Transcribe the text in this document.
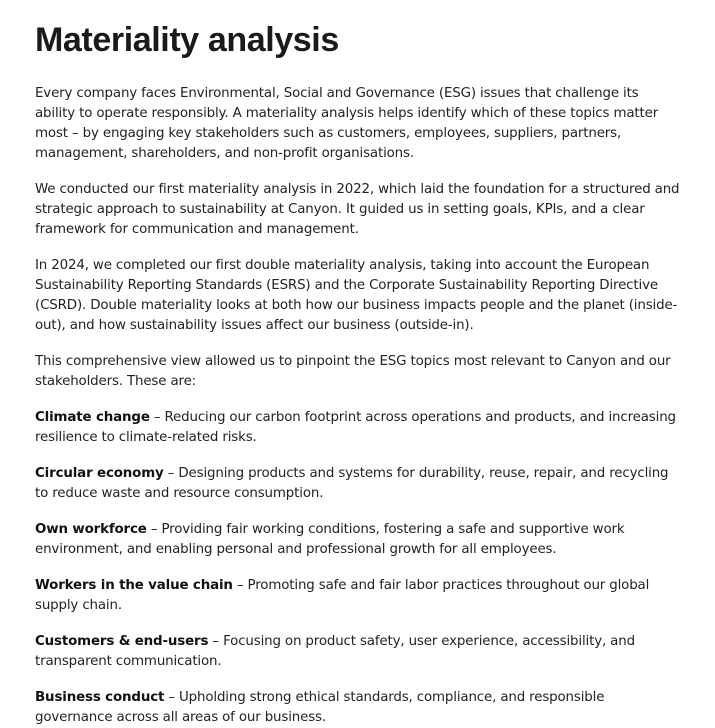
Materiality analysis

Every company faces Environmental, Social and Governance (ESG) issues that challenge its ability to operate responsibly. A materiality analysis helps identify which of these topics matter most – by engaging key stakeholders such as customers, employees, suppliers, partners, management, shareholders, and non-profit organisations.

We conducted our first materiality analysis in 2022, which laid the foundation for a structured and strategic approach to sustainability at Canyon. It guided us in setting goals, KPIs, and a clear framework for communication and management.

In 2024, we completed our first double materiality analysis, taking into account the European Sustainability Reporting Standards (ESRS) and the Corporate Sustainability Reporting Directive (CSRD). Double materiality looks at both how our business impacts people and the planet (inside-out), and how sustainability issues affect our business (outside-in).

This comprehensive view allowed us to pinpoint the ESG topics most relevant to Canyon and our stakeholders. These are:

Climate change – Reducing our carbon footprint across operations and products, and increasing resilience to climate-related risks.

Circular economy – Designing products and systems for durability, reuse, repair, and recycling to reduce waste and resource consumption.

Own workforce – Providing fair working conditions, fostering a safe and supportive work environment, and enabling personal and professional growth for all employees.

Workers in the value chain – Promoting safe and fair labor practices throughout our global supply chain.

Customers & end-users – Focusing on product safety, user experience, accessibility, and transparent communication.

Business conduct – Upholding strong ethical standards, compliance, and responsible governance across all areas of our business.
